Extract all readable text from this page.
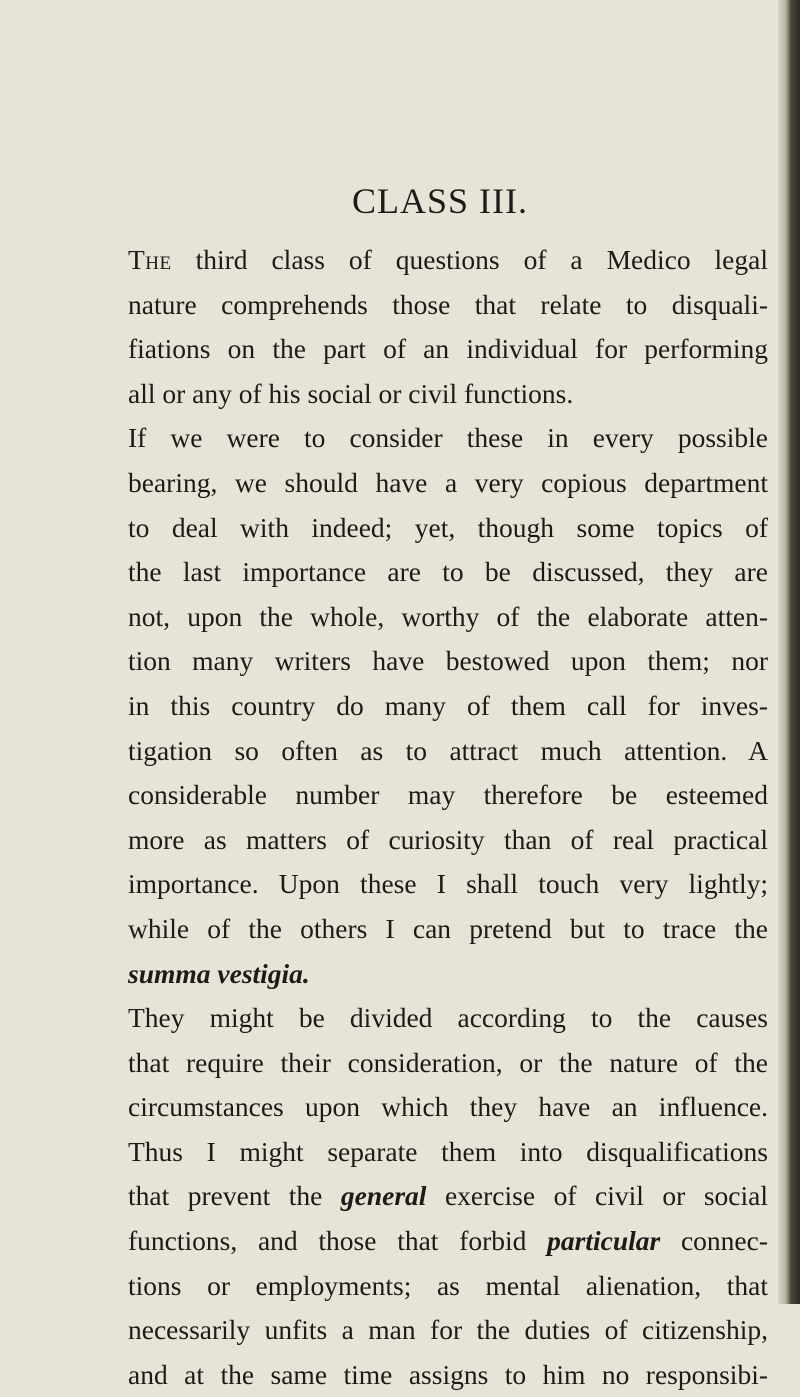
CLASS III.
The third class of questions of a Medico legal
nature comprehends those that relate to disquali-
fiations on the part of an individual for performing
all or any of his social or civil functions.
If we were to consider these in every possible
bearing, we should have a very copious department
to deal with indeed; yet, though some topics of
the last importance are to be discussed, they are
not, upon the whole, worthy of the elaborate atten-
tion many writers have bestowed upon them; nor
in this country do many of them call for inves-
tigation so often as to attract much attention. A
considerable number may therefore be esteemed
more as matters of curiosity than of real practical
importance. Upon these I shall touch very lightly;
while of the others I can pretend but to trace the
summa vestigia.
They might be divided according to the causes
that require their consideration, or the nature of the
circumstances upon which they have an influence.
Thus I might separate them into disqualifications
that prevent the general exercise of civil or social
functions, and those that forbid particular connec-
tions or employments; as mental alienation, that
necessarily unfits a man for the duties of citizenship,
and at the same time assigns to him no responsibi-
